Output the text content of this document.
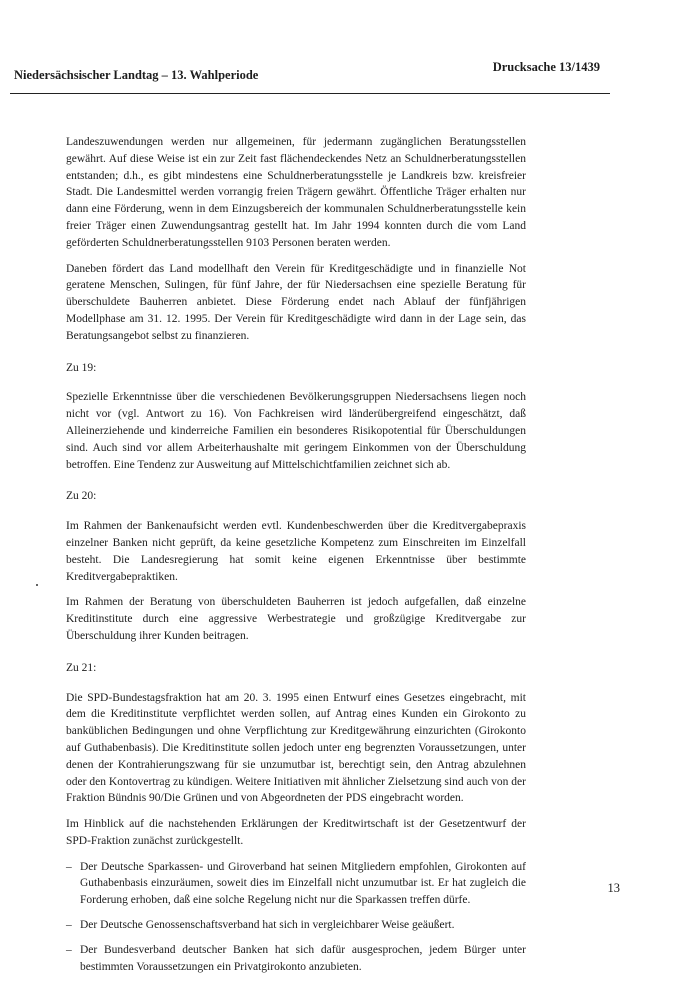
Niedersächsischer Landtag – 13. Wahlperiode
Drucksache 13/1439

Landeszuwendungen werden nur allgemeinen, für jedermann zugänglichen Beratungsstellen gewährt. Auf diese Weise ist ein zur Zeit fast flächendeckendes Netz an Schuldnerberatungsstellen entstanden; d.h., es gibt mindestens eine Schuldnerberatungsstelle je Landkreis bzw. kreisfreier Stadt. Die Landesmittel werden vorrangig freien Trägern gewährt. Öffentliche Träger erhalten nur dann eine Förderung, wenn in dem Einzugsbereich der kommunalen Schuldnerberatungsstelle kein freier Träger einen Zuwendungsantrag gestellt hat. Im Jahr 1994 konnten durch die vom Land geförderten Schuldnerberatungsstellen 9103 Personen beraten werden.

Daneben fördert das Land modellhaft den Verein für Kreditgeschädigte und in finanzielle Not geratene Menschen, Sulingen, für fünf Jahre, der für Niedersachsen eine spezielle Beratung für überschuldete Bauherren anbietet. Diese Förderung endet nach Ablauf der fünfjährigen Modellphase am 31. 12. 1995. Der Verein für Kreditgeschädigte wird dann in der Lage sein, das Beratungsangebot selbst zu finanzieren.

Zu 19:

Spezielle Erkenntnisse über die verschiedenen Bevölkerungsgruppen Niedersachsens liegen noch nicht vor (vgl. Antwort zu 16). Von Fachkreisen wird länderübergreifend eingeschätzt, daß Alleinerziehende und kinderreiche Familien ein besonderes Risikopotential für Überschuldungen sind. Auch sind vor allem Arbeiterhaushalte mit geringem Einkommen von der Überschuldung betroffen. Eine Tendenz zur Ausweitung auf Mittelschichtfamilien zeichnet sich ab.

Zu 20:

Im Rahmen der Bankenaufsicht werden evtl. Kundenbeschwerden über die Kreditvergabepraxis einzelner Banken nicht geprüft, da keine gesetzliche Kompetenz zum Einschreiten im Einzelfall besteht. Die Landesregierung hat somit keine eigenen Erkenntnisse über bestimmte Kreditvergabepraktiken.

Im Rahmen der Beratung von überschuldeten Bauherren ist jedoch aufgefallen, daß einzelne Kreditinstitute durch eine aggressive Werbestrategie und großzügige Kreditvergabe zur Überschuldung ihrer Kunden beitragen.

Zu 21:

Die SPD-Bundestagsfraktion hat am 20. 3. 1995 einen Entwurf eines Gesetzes eingebracht, mit dem die Kreditinstitute verpflichtet werden sollen, auf Antrag eines Kunden ein Girokonto zu banküblichen Bedingungen und ohne Verpflichtung zur Kreditgewährung einzurichten (Girokonto auf Guthabenbasis). Die Kreditinstitute sollen jedoch unter eng begrenzten Voraussetzungen, unter denen der Kontrahierungszwang für sie unzumutbar ist, berechtigt sein, den Antrag abzulehnen oder den Kontovertrag zu kündigen. Weitere Initiativen mit ähnlicher Zielsetzung sind auch von der Fraktion Bündnis 90/Die Grünen und von Abgeordneten der PDS eingebracht worden.

Im Hinblick auf die nachstehenden Erklärungen der Kreditwirtschaft ist der Gesetzentwurf der SPD-Fraktion zunächst zurückgestellt.

– Der Deutsche Sparkassen- und Giroverband hat seinen Mitgliedern empfohlen, Girokonten auf Guthabenbasis einzuräumen, soweit dies im Einzelfall nicht unzumutbar ist. Er hat zugleich die Forderung erhoben, daß eine solche Regelung nicht nur die Sparkassen treffen dürfe.
– Der Deutsche Genossenschaftsverband hat sich in vergleichbarer Weise geäußert.
– Der Bundesverband deutscher Banken hat sich dafür ausgesprochen, jedem Bürger unter bestimmten Voraussetzungen ein Privatgirokonto anzubieten.
13
